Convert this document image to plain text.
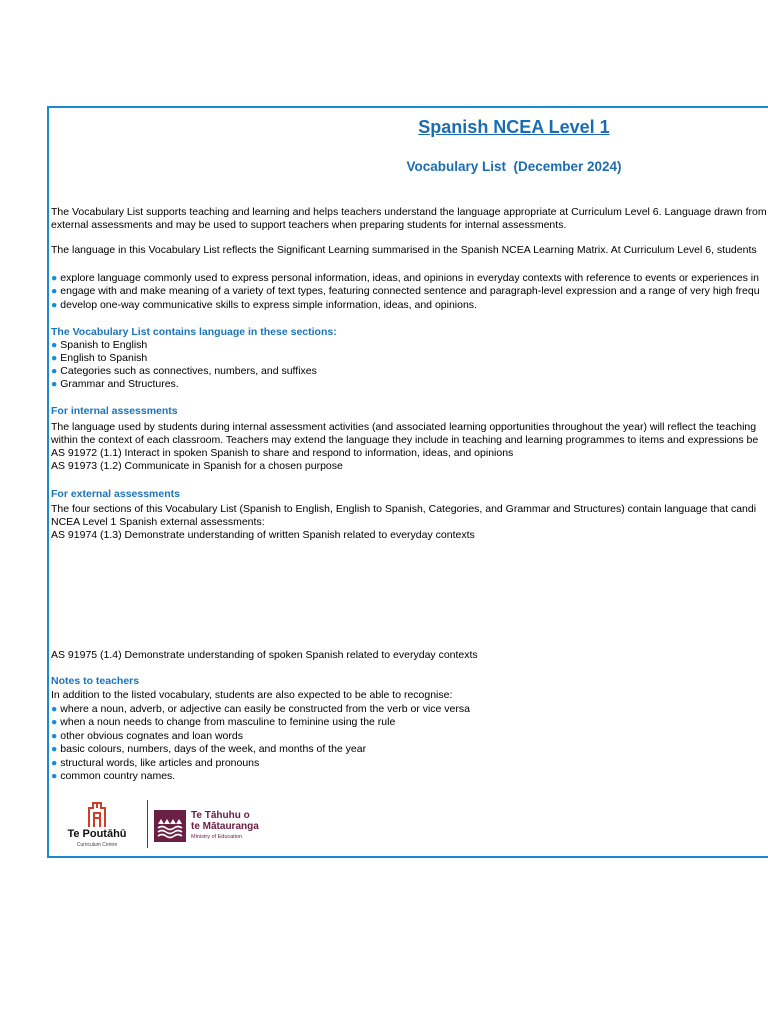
Spanish NCEA Level 1
Vocabulary List  (December 2024)
The Vocabulary List supports teaching and learning and helps teachers understand the language appropriate at Curriculum Level 6. Language drawn from
external assessments and may be used to support teachers when preparing students for internal assessments.
The language in this Vocabulary List reflects the Significant Learning summarised in the Spanish NCEA Learning Matrix. At Curriculum Level 6, students
● explore language commonly used to express personal information, ideas, and opinions in everyday contexts with reference to events or experiences in
● engage with and make meaning of a variety of text types, featuring connected sentence and paragraph-level expression and a range of very high frequ
● develop one-way communicative skills to express simple information, ideas, and opinions.
The Vocabulary List contains language in these sections:
● Spanish to English
● English to Spanish
● Categories such as connectives, numbers, and suffixes
● Grammar and Structures.
For internal assessments
The language used by students during internal assessment activities (and associated learning opportunities throughout the year) will reflect the teaching
within the context of each classroom. Teachers may extend the language they include in teaching and learning programmes to items and expressions be
AS 91972 (1.1) Interact in spoken Spanish to share and respond to information, ideas, and opinions
AS 91973 (1.2) Communicate in Spanish for a chosen purpose
For external assessments
The four sections of this Vocabulary List (Spanish to English, English to Spanish, Categories, and Grammar and Structures) contain language that candi
NCEA Level 1 Spanish external assessments:
AS 91974 (1.3) Demonstrate understanding of written Spanish related to everyday contexts
AS 91975 (1.4) Demonstrate understanding of spoken Spanish related to everyday contexts
Notes to teachers
In addition to the listed vocabulary, students are also expected to be able to recognise:
● where a noun, adverb, or adjective can easily be constructed from the verb or vice versa
● when a noun needs to change from masculine to feminine using the rule
● other obvious cognates and loan words
● basic colours, numbers, days of the week, and months of the year
● structural words, like articles and pronouns
● common country names.
Te Poutāhū
Curriculum Centre
Te Tāhuhu o
te Mātauranga
Ministry of Education
